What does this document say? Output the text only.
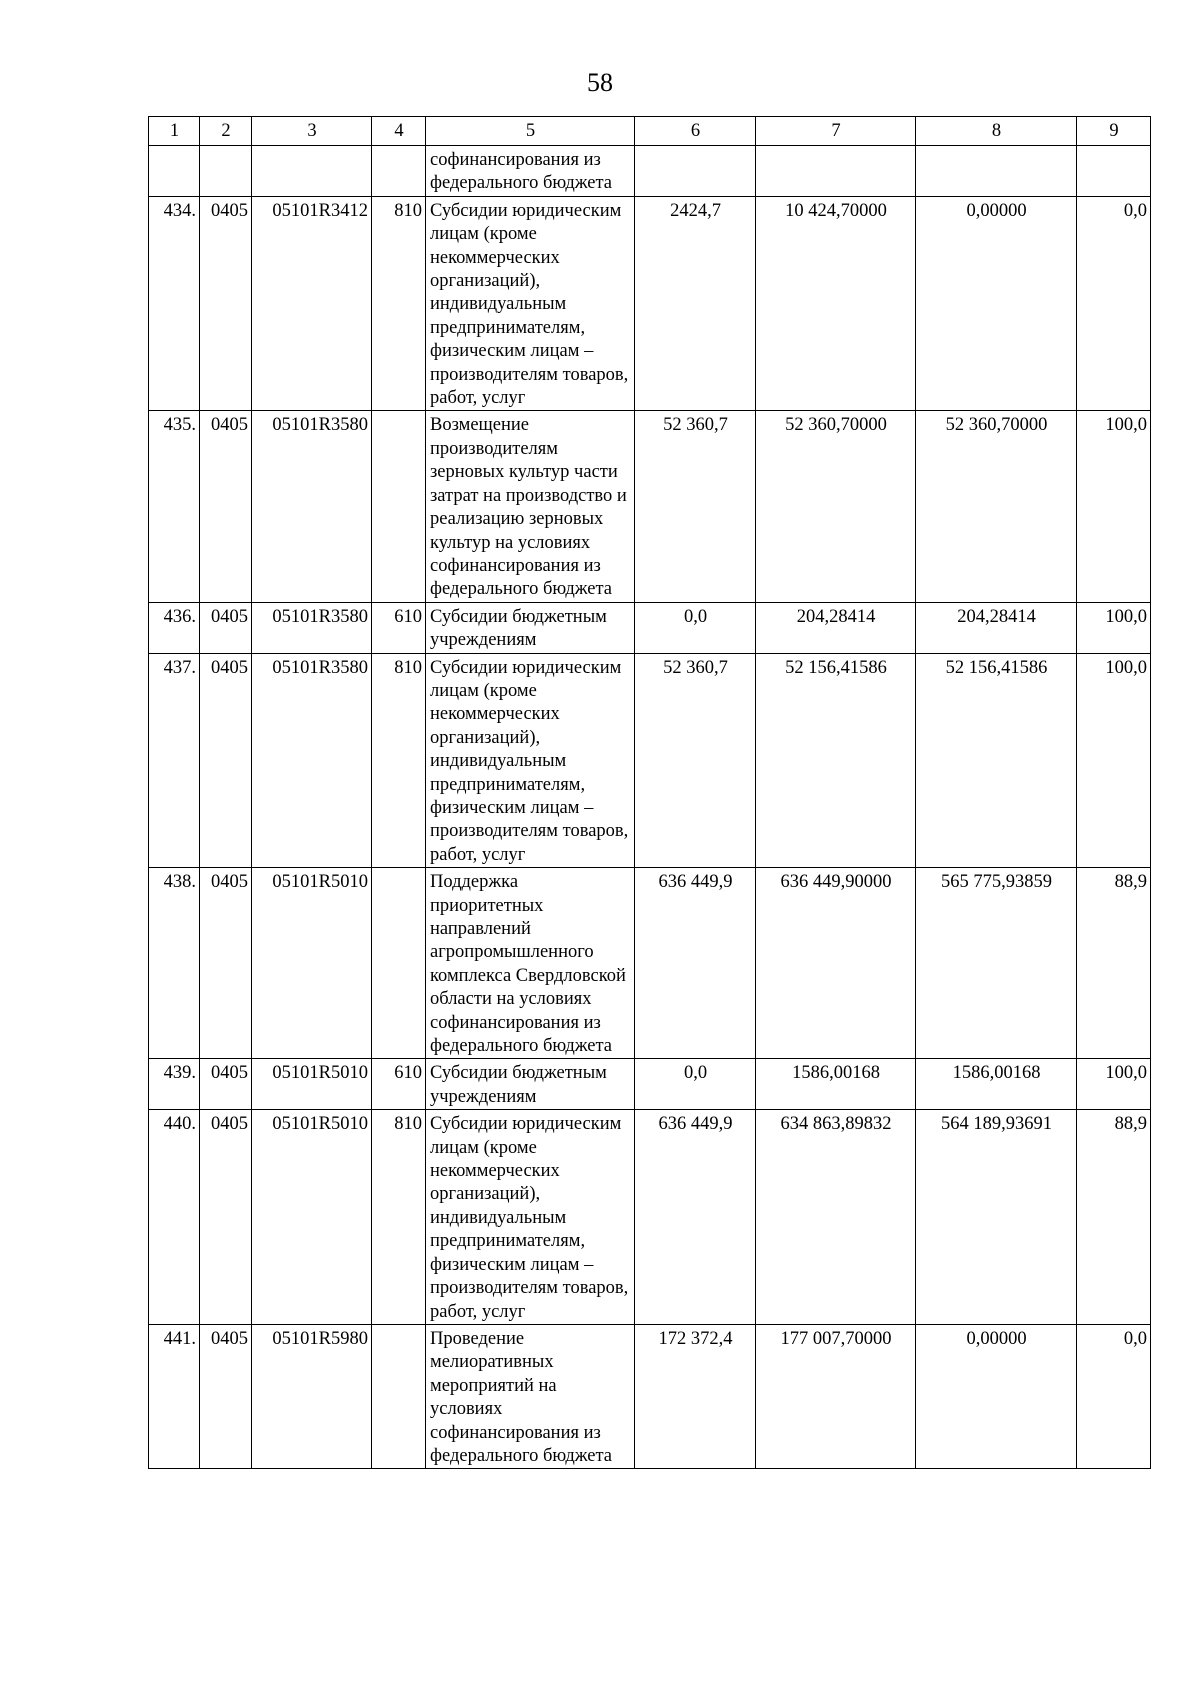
58
1	2	3	4	5	6	7	8	9
				софинансирования из федерального бюджета				
434.	0405	05101R3412	810	Субсидии юридическим лицам (кроме некоммерческих организаций), индивидуальным предпринимателям, физическим лицам – производителям товаров, работ, услуг	2424,7	10 424,70000	0,00000	0,0
435.	0405	05101R3580		Возмещение производителям зерновых культур части затрат на производство и реализацию зерновых культур на условиях софинансирования из федерального бюджета	52 360,7	52 360,70000	52 360,70000	100,0
436.	0405	05101R3580	610	Субсидии бюджетным учреждениям	0,0	204,28414	204,28414	100,0
437.	0405	05101R3580	810	Субсидии юридическим лицам (кроме некоммерческих организаций), индивидуальным предпринимателям, физическим лицам – производителям товаров, работ, услуг	52 360,7	52 156,41586	52 156,41586	100,0
438.	0405	05101R5010		Поддержка приоритетных направлений агропромышленного комплекса Свердловской области на условиях софинансирования из федерального бюджета	636 449,9	636 449,90000	565 775,93859	88,9
439.	0405	05101R5010	610	Субсидии бюджетным учреждениям	0,0	1586,00168	1586,00168	100,0
440.	0405	05101R5010	810	Субсидии юридическим лицам (кроме некоммерческих организаций), индивидуальным предпринимателям, физическим лицам – производителям товаров, работ, услуг	636 449,9	634 863,89832	564 189,93691	88,9
441.	0405	05101R5980		Проведение мелиоративных мероприятий на условиях софинансирования из федерального бюджета	172 372,4	177 007,70000	0,00000	0,0
